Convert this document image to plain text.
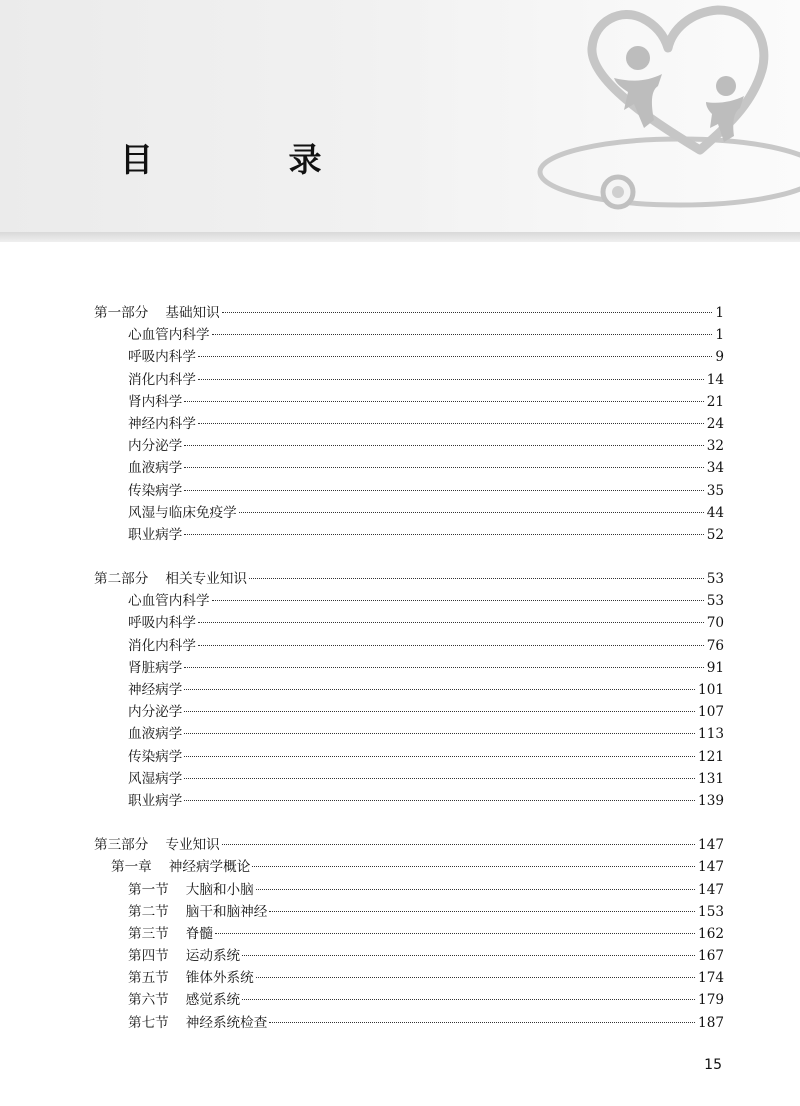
目 录
第一部分 基础知识	1
心血管内科学	1
呼吸内科学	9
消化内科学	14
肾内科学	21
神经内科学	24
内分泌学	32
血液病学	34
传染病学	35
风湿与临床免疫学	44
职业病学	52
第二部分 相关专业知识	53
心血管内科学	53
呼吸内科学	70
消化内科学	76
肾脏病学	91
神经病学	101
内分泌学	107
血液病学	113
传染病学	121
风湿病学	131
职业病学	139
第三部分 专业知识	147
第一章 神经病学概论	147
第一节 大脑和小脑	147
第二节 脑干和脑神经	153
第三节 脊髓	162
第四节 运动系统	167
第五节 锥体外系统	174
第六节 感觉系统	179
第七节 神经系统检查	187
15
